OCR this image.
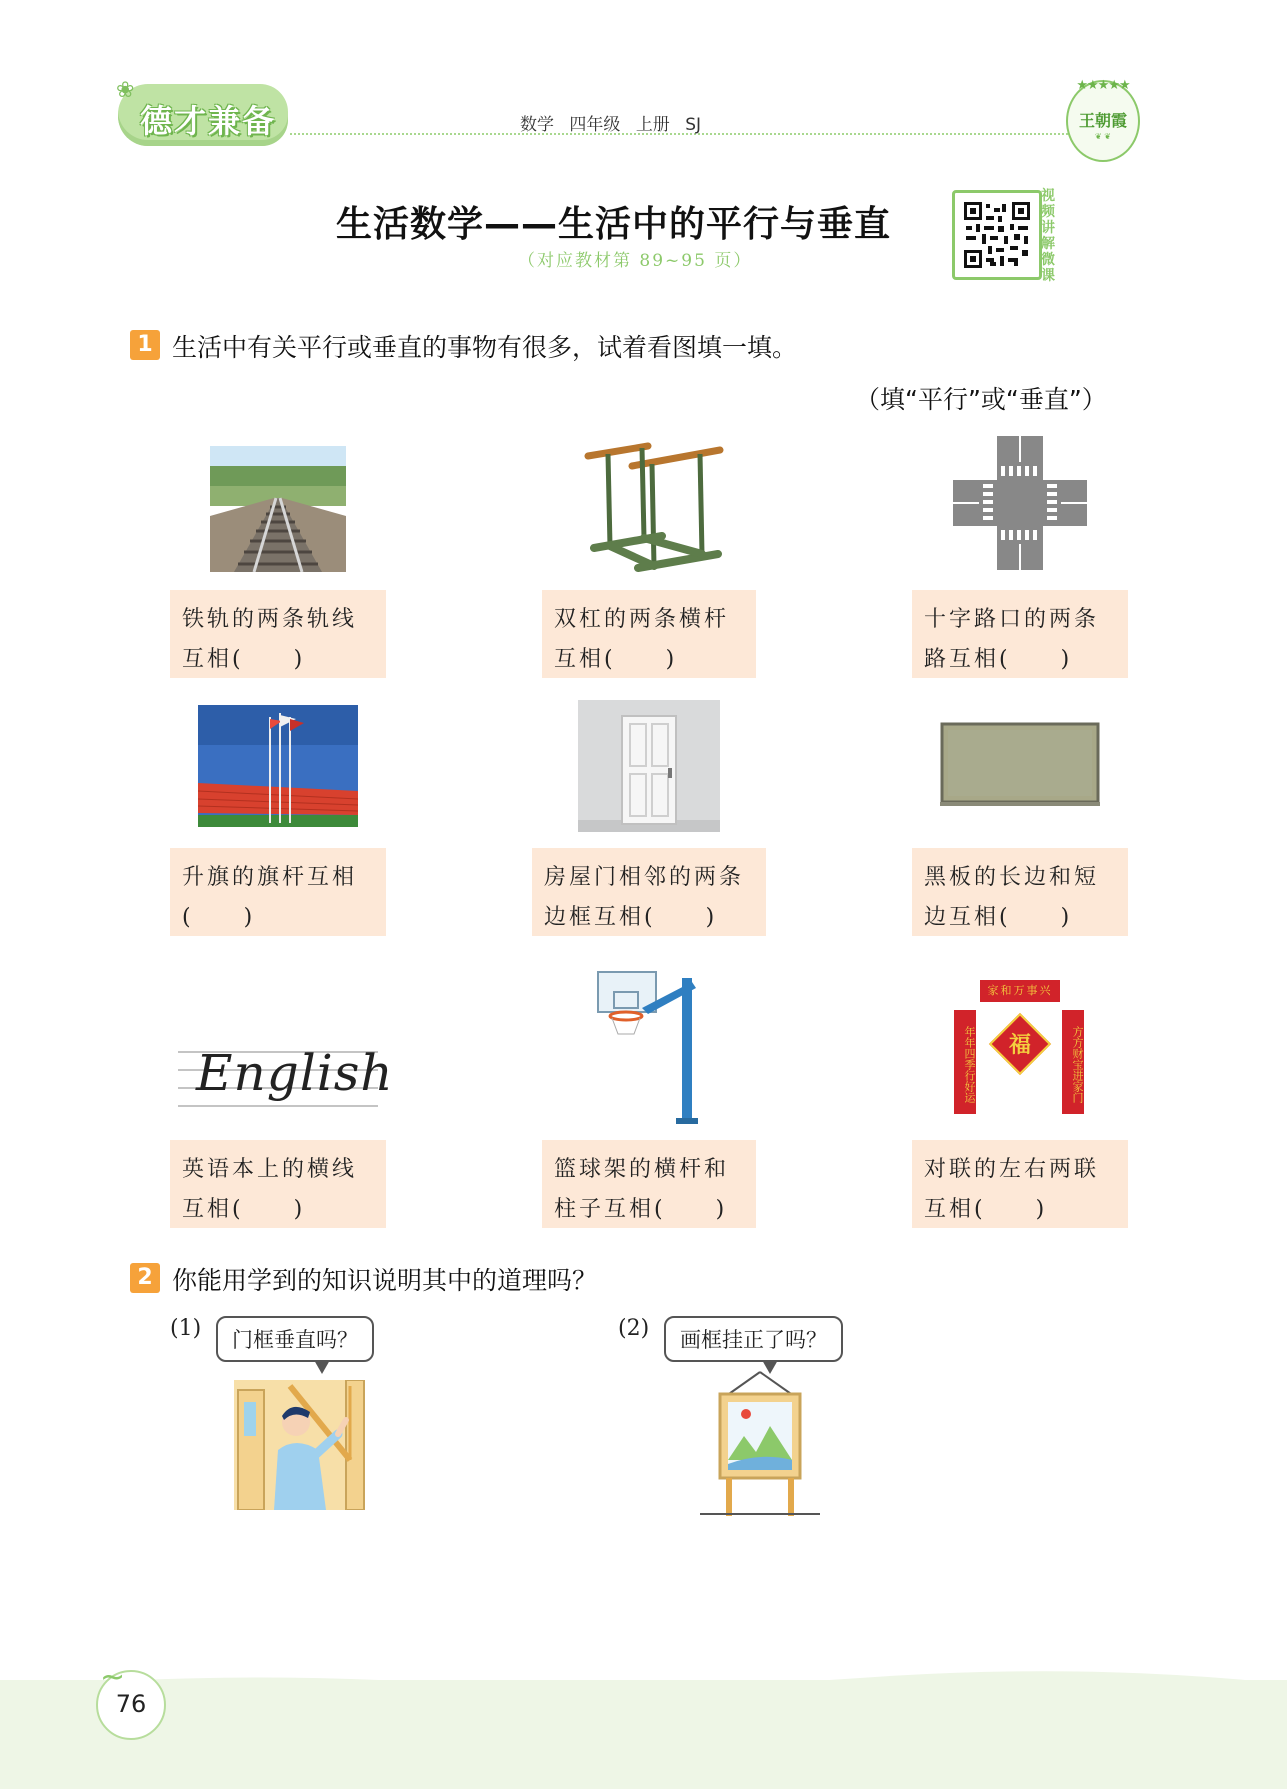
德才兼备
❀
数学 四年级 上册 SJ
★★★★★
王朝霞
❦ ❦
生活数学——生活中的平行与垂直
（对应教材第 89~95 页）
视频讲解微课
1 生活中有关平行或垂直的事物有很多，试着看图填一填。
（填“平行”或“垂直”）
铁轨的两条轨线
互相(　　)
双杠的两条横杆
互相(　　)
十字路口的两条
路互相(　　)
升旗的旗杆互相
(　　)
房屋门相邻的两条
边框互相(　　)
黑板的长边和短
边互相(　　)
English
家和万事兴
年年四季行好运	方方财宝进家门
福
英语本上的横线
互相(　　)
篮球架的横杆和
柱子互相(　　)
对联的左右两联
互相(　　)
2 你能用学到的知识说明其中的道理吗？
(1)	门框垂直吗？	(2)	画框挂正了吗？
76
~
